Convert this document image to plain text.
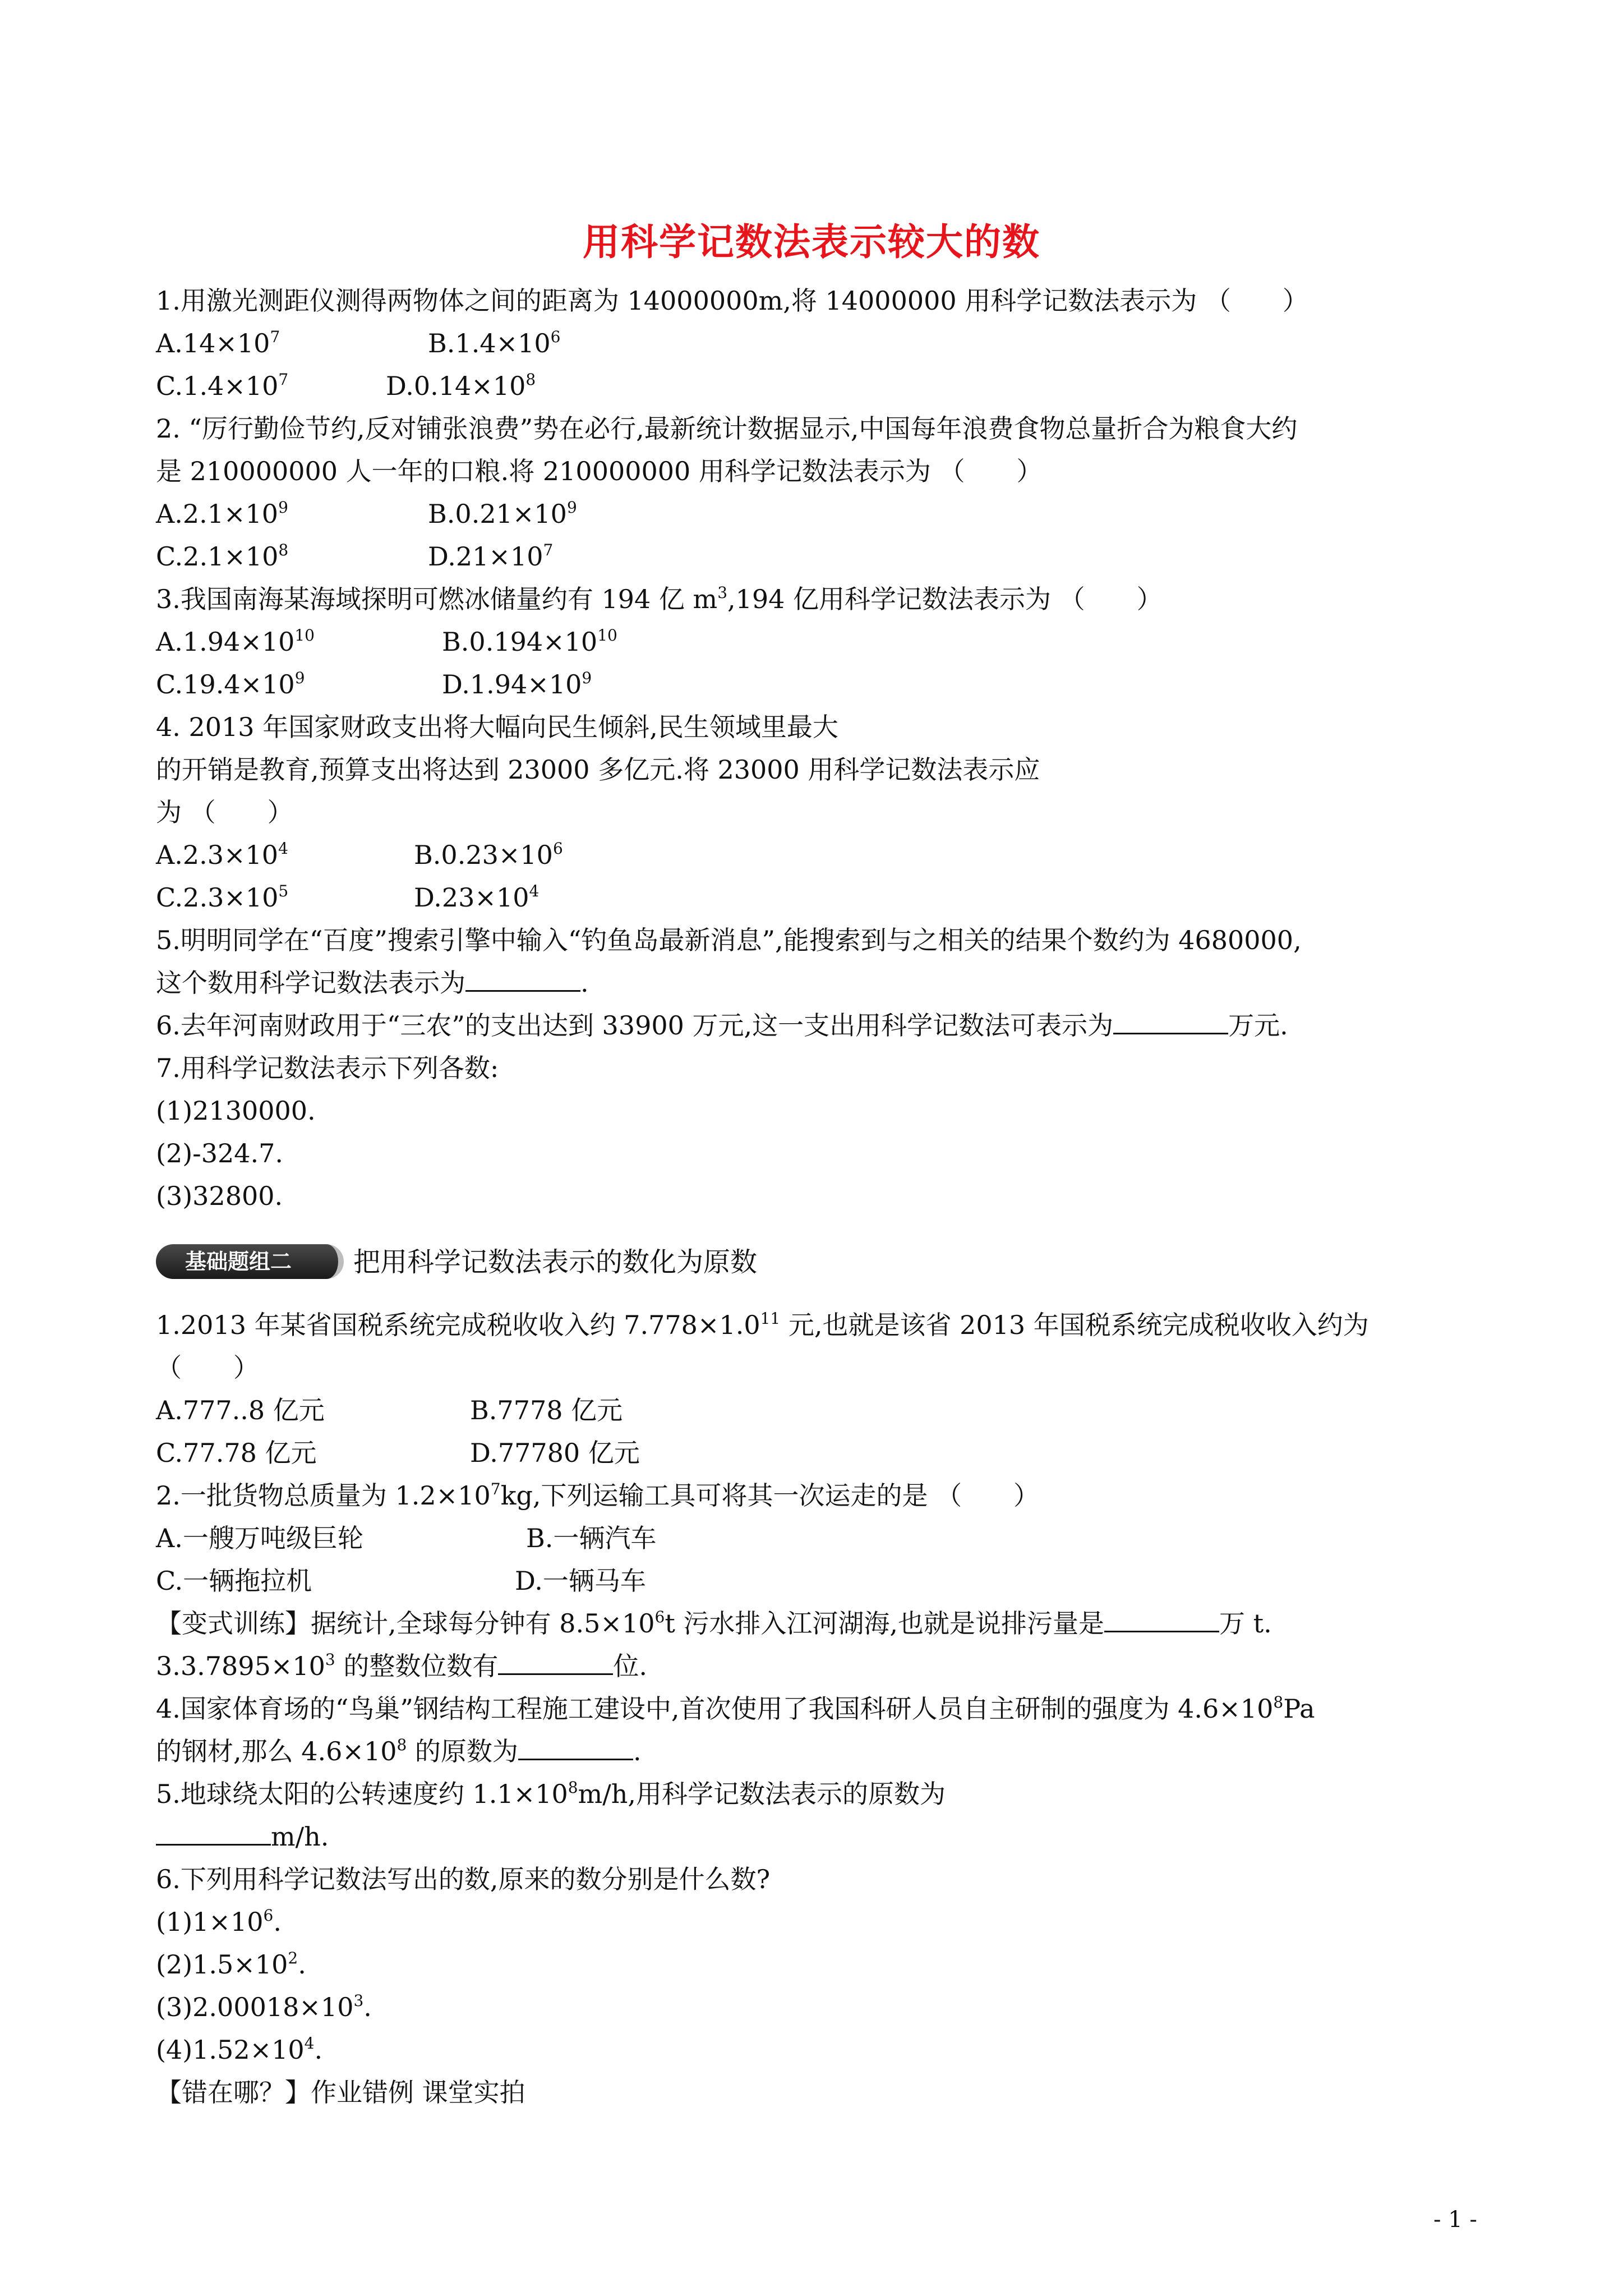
用科学记数法表示较大的数
1.用激光测距仪测得两物体之间的距离为 14000000m,将 14000000 用科学记数法表示为 （　　）
$A.14\times 10^7$	$B.1.4\times 10^6$
$C.1.4\times 10^7$	$D.0.14\times 10^8$
2. “厉行勤俭节约,反对铺张浪费”势在必行,最新统计数据显示,中国每年浪费食物总量折合为粮食大约
是 210000000 人一年的口粮.将 210000000 用科学记数法表示为 （　　）
$A.2.1\times 10^9$	$B.0.21\times 10^9$
$C.2.1\times 10^8$	$D.21\times 10^7$
3.我国南海某海域探明可燃冰储量约有 194 亿 $m^3,194$ 亿用科学记数法表示为 （　　）
$A.1.94\times 10^{10}$	$B.0.194\times 10^{10}$
$C.19.4\times 10^9$	$D.1.94\times 10^9$
4. 2013 年国家财政支出将大幅向民生倾斜,民生领域里最大
的开销是教育,预算支出将达到 23000 多亿元.将 23000 用科学记数法表示应
为 （　　）
$A.2.3\times 10^4$	$B.0.23\times 10^6$
$C.2.3\times 10^5$	$D.23\times 10^4$
5.明明同学在“百度”搜索引擎中输入“钓鱼岛最新消息”,能搜索到与之相关的结果个数约为 4680000,
这个数用科学记数法表示为	.
6.去年河南财政用于“三农”的支出达到 33900 万元,这一支出用科学记数法可表示为	万元.
7.用科学记数法表示下列各数:
(1)2130000.
(2)-324.7.
(3)32800.
基础题组二	把用科学记数法表示的数化为原数
1.2013 年某省国税系统完成税收收入约 $7.778\times 1.0^{11}$ 元,也就是该省 2013 年国税系统完成税收收入约为
（　　）
A.777..8 亿元	B.7778 亿元
C.77.78 亿元	D.77780 亿元
2.一批货物总质量为 $1.2\times 10^7kg$,下列运输工具可将其一次运走的是 （　　）
A.一艘万吨级巨轮	B.一辆汽车
C.一辆拖拉机	D.一辆马车
【变式训练】据统计,全球每分钟有 $8.5\times 10^6t$ 污水排入江河湖海,也就是说排污量是	万 t.
$3.3.7895\times 10^3$ 的整数位数有	位.
4.国家体育场的“鸟巢”钢结构工程施工建设中,首次使用了我国科研人员自主研制的强度为 $4.6\times 10^8Pa$
的钢材,那么 $4.6\times 10^8$ 的原数为	.
5.地球绕太阳的公转速度约 $1.1\times 10^8m/h$,用科学记数法表示的原数为
m/h.
6.下列用科学记数法写出的数,原来的数分别是什么数?
$(1)1\times 10^6$.
$(2)1.5\times 10^2$.
$(3)2.00018\times 10^3$.
$(4)1.52\times 10^4$.
【错在哪？】作业错例 课堂实拍
- 1 -
